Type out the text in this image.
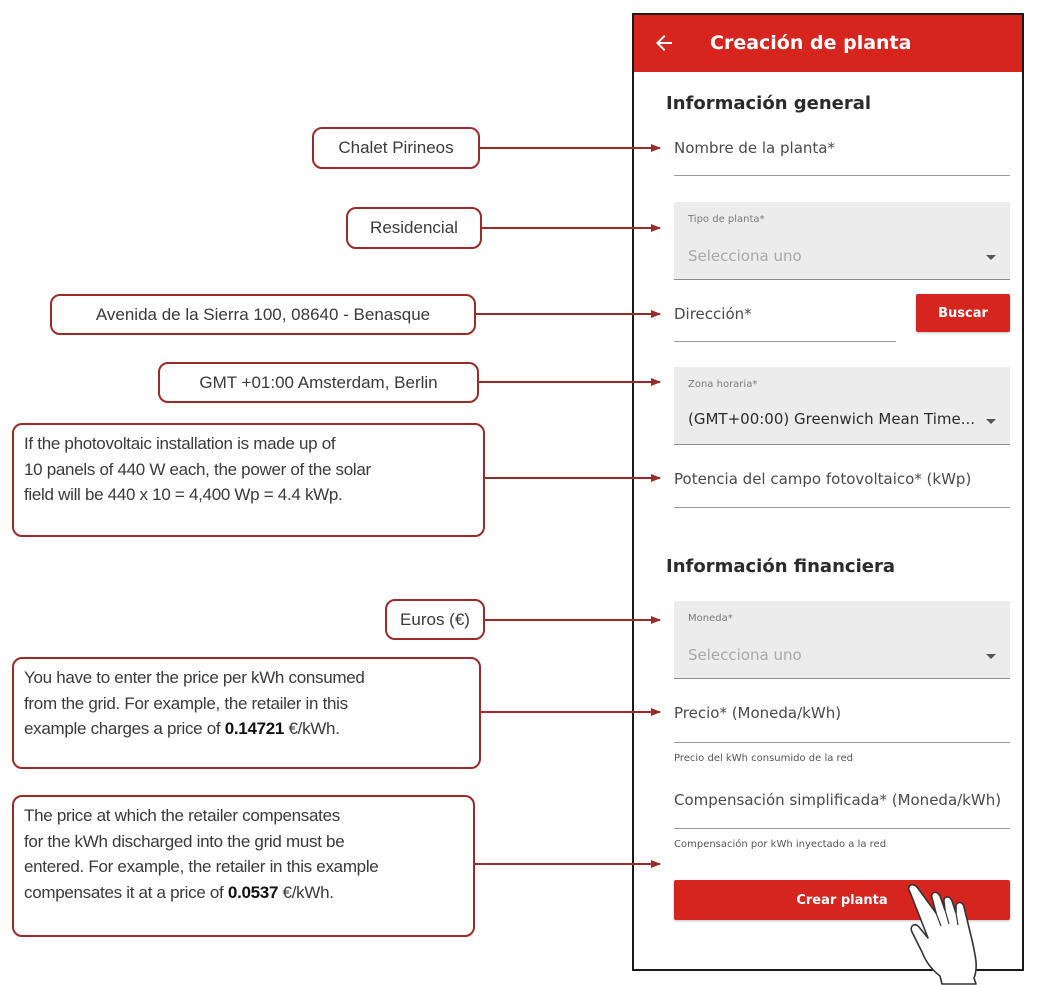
Creación de planta
Información general
Nombre de la planta*
Tipo de planta*
Selecciona uno
Dirección*	Buscar
Zona horaria*
(GMT+00:00) Greenwich Mean Time...
Potencia del campo fotovoltaico* (kWp)
Información financiera
Moneda*
Selecciona uno
Precio* (Moneda/kWh)
Precio del kWh consumido de la red
Compensación simplificada* (Moneda/kWh)
Compensación por kWh inyectado a la red
Crear planta
Chalet Pirineos
Residencial
Avenida de la Sierra 100, 08640 - Benasque
GMT +01:00 Amsterdam, Berlin
If the photovoltaic installation is made up of
10 panels of 440 W each, the power of the solar
field will be 440 x 10 = 4,400 Wp = 4.4 kWp.
Euros (€)
You have to enter the price per kWh consumed
from the grid. For example, the retailer in this
example charges a price of 0.14721 €/kWh.
The price at which the retailer compensates
for the kWh discharged into the grid must be
entered. For example, the retailer in this example
compensates it at a price of 0.0537 €/kWh.
